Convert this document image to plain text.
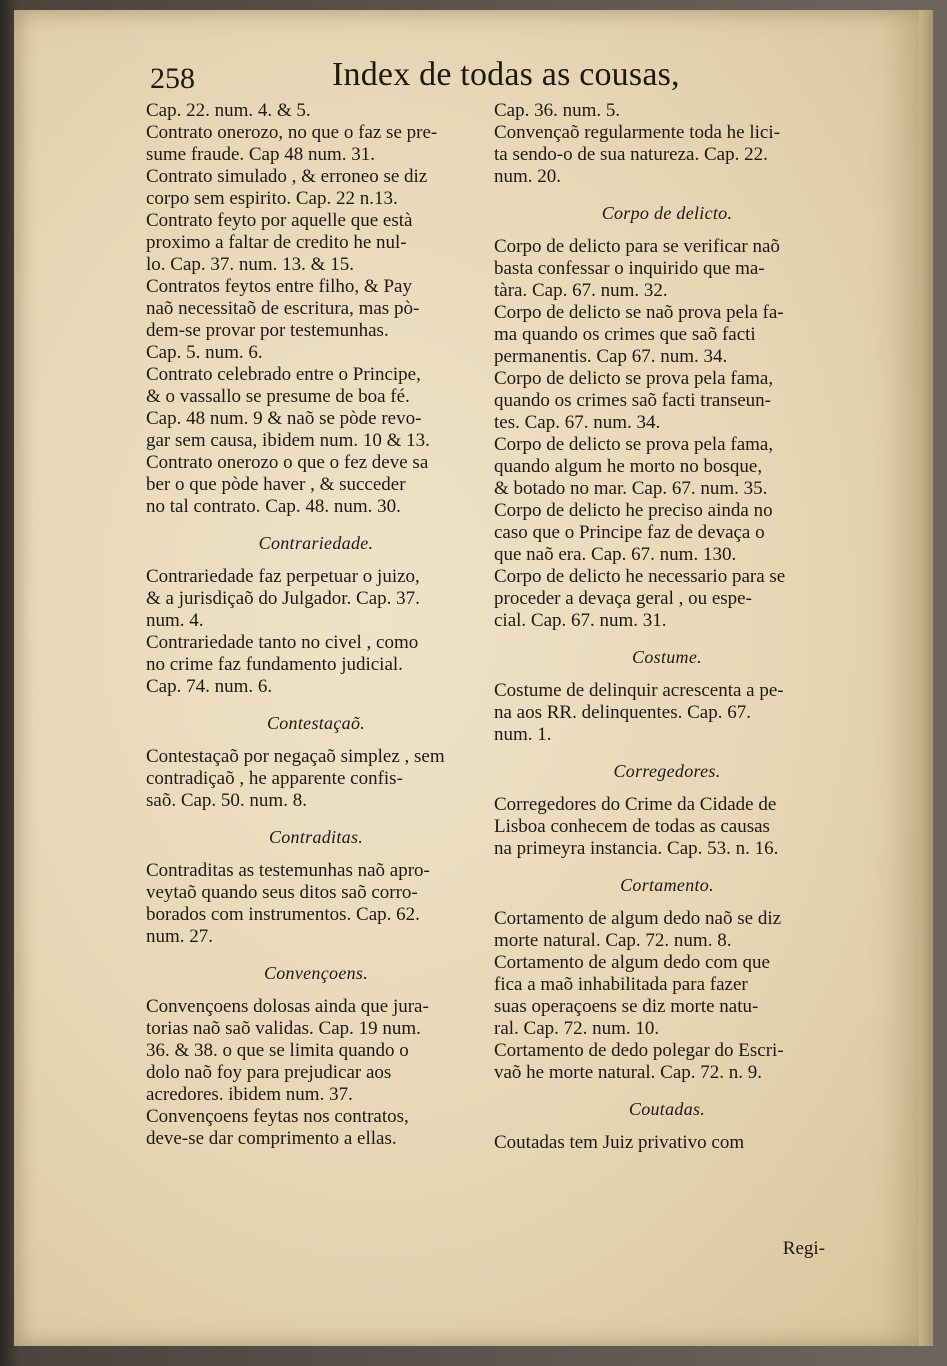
258	Index de todas as cousas,
Cap. 22. num. 4. & 5.
Contrato onerozo, no que o faz se pre-
sume fraude. Cap 48 num. 31.
Contrato simulado , & erroneo se diz
corpo sem espirito. Cap. 22 n.13.
Contrato feyto por aquelle que està
proximo a faltar de credito he nul-
lo. Cap. 37. num. 13. & 15.
Contratos feytos entre filho, & Pay
naõ necessitaõ de escritura, mas pò-
dem-se provar por testemunhas.
Cap. 5. num. 6.
Contrato celebrado entre o Principe,
& o vassallo se presume de boa fé.
Cap. 48 num. 9 & naõ se pòde revo-
gar sem causa, ibidem num. 10 & 13.
Contrato onerozo o que o fez deve sa
ber o que pòde haver , & succeder
no tal contrato. Cap. 48. num. 30.
Contrariedade.
Contrariedade faz perpetuar o juizo,
& a jurisdiçaõ do Julgador. Cap. 37.
num. 4.
Contrariedade tanto no civel , como
no crime faz fundamento judicial.
Cap. 74. num. 6.
Contestaçaõ.
Contestaçaõ por negaçaõ simplez , sem
contradiçaõ , he apparente confis-
saõ. Cap. 50. num. 8.
Contraditas.
Contraditas as testemunhas naõ apro-
veytaõ quando seus ditos saõ corro-
borados com instrumentos. Cap. 62.
num. 27.
Convençoens.
Convençoens dolosas ainda que jura-
torias naõ saõ validas. Cap. 19 num.
36. & 38. o que se limita quando o
dolo naõ foy para prejudicar aos
acredores. ibidem num. 37.
Convençoens feytas nos contratos,
deve-se dar comprimento a ellas.
Cap. 36. num. 5.
Convençaõ regularmente toda he lici-
ta sendo-o de sua natureza. Cap. 22.
num. 20.
Corpo de delicto.
Corpo de delicto para se verificar naõ
basta confessar o inquirido que ma-
tàra. Cap. 67. num. 32.
Corpo de delicto se naõ prova pela fa-
ma quando os crimes que saõ facti
permanentis. Cap 67. num. 34.
Corpo de delicto se prova pela fama,
quando os crimes saõ facti transeun-
tes. Cap. 67. num. 34.
Corpo de delicto se prova pela fama,
quando algum he morto no bosque,
& botado no mar. Cap. 67. num. 35.
Corpo de delicto he preciso ainda no
caso que o Principe faz de devaça o
que naõ era. Cap. 67. num. 130.
Corpo de delicto he necessario para se
proceder a devaça geral , ou espe-
cial. Cap. 67. num. 31.
Costume.
Costume de delinquir acrescenta a pe-
na aos RR. delinquentes. Cap. 67.
num. 1.
Corregedores.
Corregedores do Crime da Cidade de
Lisboa conhecem de todas as causas
na primeyra instancia. Cap. 53. n. 16.
Cortamento.
Cortamento de algum dedo naõ se diz
morte natural. Cap. 72. num. 8.
Cortamento de algum dedo com que
fica a maõ inhabilitada para fazer
suas operaçoens se diz morte natu-
ral. Cap. 72. num. 10.
Cortamento de dedo polegar do Escri-
vaõ he morte natural. Cap. 72. n. 9.
Coutadas.
Coutadas tem Juiz privativo com
Regi-
